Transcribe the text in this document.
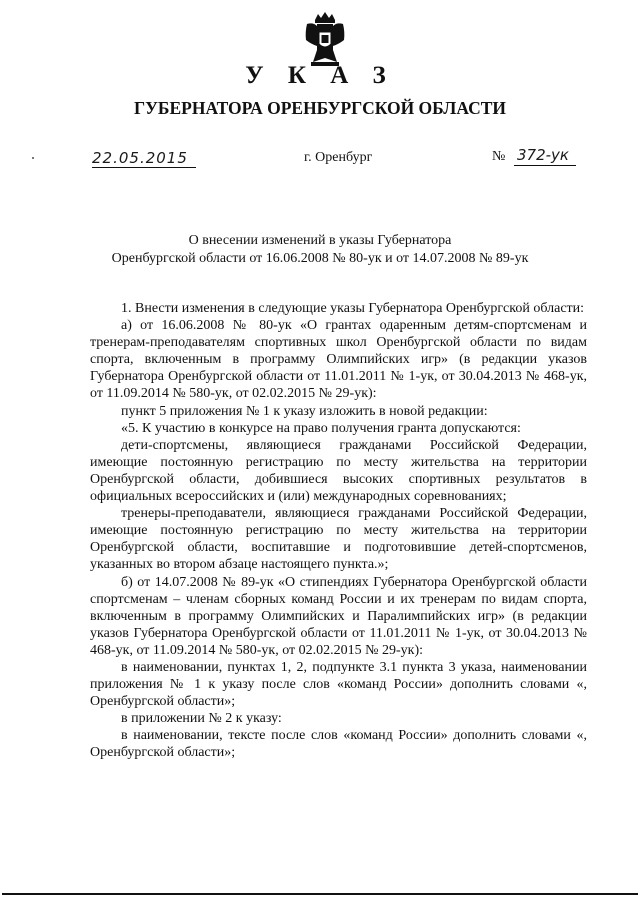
У К А З
ГУБЕРНАТОРА ОРЕНБУРГСКОЙ ОБЛАСТИ
22.05.2015	г. Оренбург	№ 372-ук
О внесении изменений в указы Губернатора
Оренбургской области от 16.06.2008 № 80-ук и от 14.07.2008 № 89-ук

1. Внести изменения в следующие указы Губернатора Оренбургской области:

а) от 16.06.2008 № 80-ук «О грантах одаренным детям-спортсменам и тренерам-преподавателям спортивных школ Оренбургской области по видам спорта, включенным в программу Олимпийских игр» (в редакции указов Губернатора Оренбургской области от 11.01.2011 № 1-ук, от 30.04.2013 № 468-ук, от 11.09.2014 № 580-ук, от 02.02.2015 № 29-ук):

пункт 5 приложения № 1 к указу изложить в новой редакции:

«5. К участию в конкурсе на право получения гранта допускаются:

дети-спортсмены, являющиеся гражданами Российской Федерации, имеющие постоянную регистрацию по месту жительства на территории Оренбургской области, добившиеся высоких спортивных результатов в официальных всероссийских и (или) международных соревнованиях;

тренеры-преподаватели, являющиеся гражданами Российской Федерации, имеющие постоянную регистрацию по месту жительства на территории Оренбургской области, воспитавшие и подготовившие детей-спортсменов, указанных во втором абзаце настоящего пункта.»;

б) от 14.07.2008 № 89-ук «О стипендиях Губернатора Оренбургской области спортсменам – членам сборных команд России и их тренерам по видам спорта, включенным в программу Олимпийских и Паралимпийских игр» (в редакции указов Губернатора Оренбургской области от 11.01.2011 № 1-ук, от 30.04.2013 № 468-ук, от 11.09.2014 № 580-ук, от 02.02.2015 № 29-ук):

в наименовании, пунктах 1, 2, подпункте 3.1 пункта 3 указа, наименовании приложения № 1 к указу после слов «команд России» дополнить словами «, Оренбургской области»;

в приложении № 2 к указу:

в наименовании, тексте после слов «команд России» дополнить словами «, Оренбургской области»;
